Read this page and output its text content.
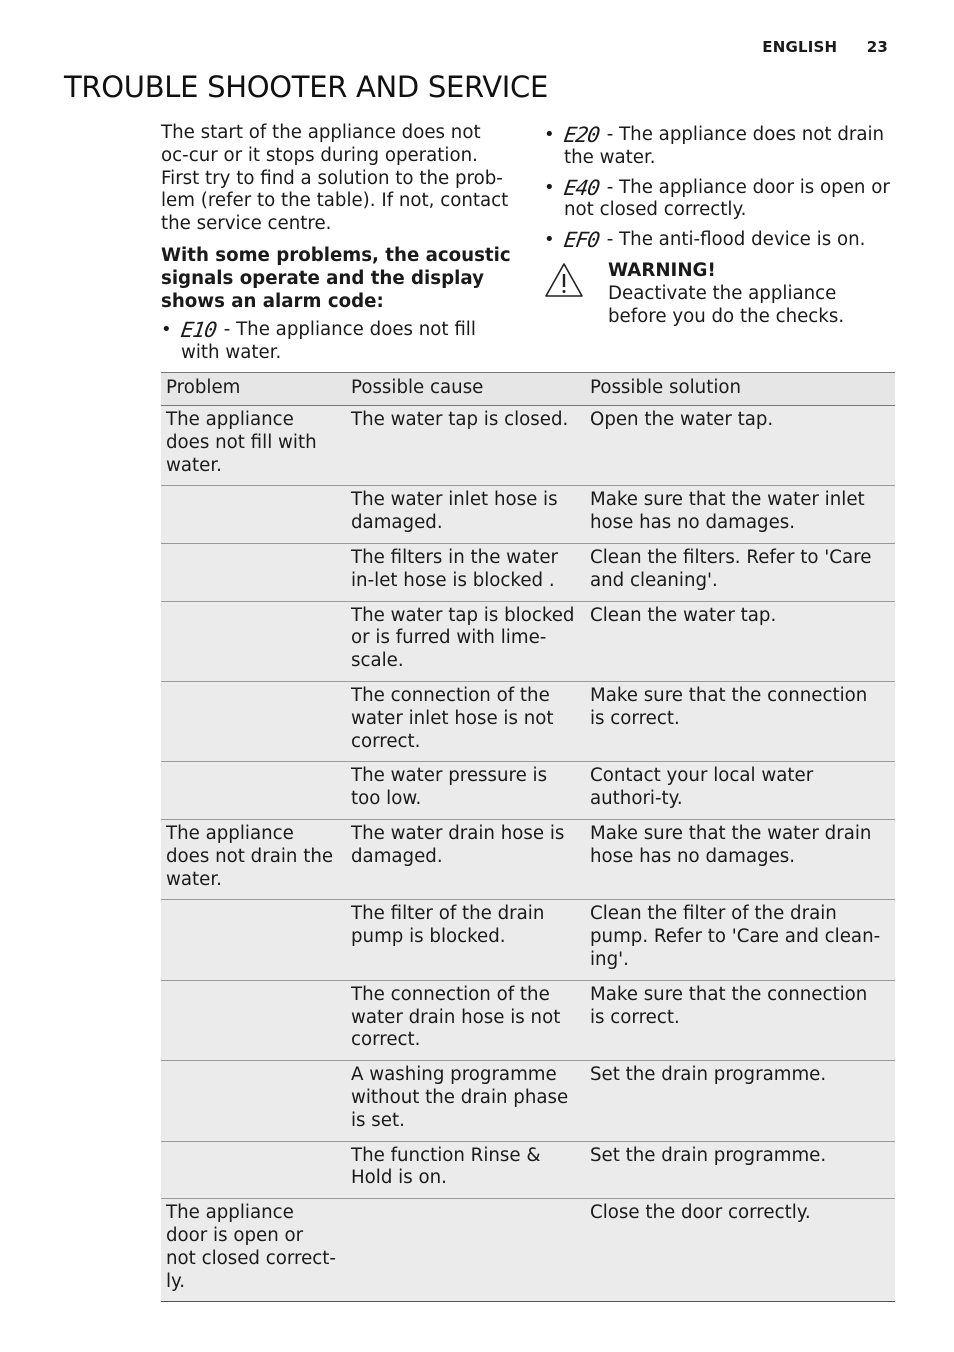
ENGLISH 23
TROUBLE SHOOTER AND SERVICE

The start of the appliance does not oc-cur or it stops during operation.
First try to find a solution to the prob-lem (refer to the table). If not, contact the service centre.

With some problems, the acoustic signals operate and the display shows an alarm code:

• E10 - The appliance does not fill with water.
• E20 - The appliance does not drain the water.
• E40 - The appliance door is open or not closed correctly.
• EF0 - The anti-flood device is on.
WARNING!
Deactivate the appliance before you do the checks.
Problem	Possible cause	Possible solution
The appliance does not fill with water.	The water tap is closed.	Open the water tap.
	The water inlet hose is damaged.	Make sure that the water inlet hose has no damages.
	The filters in the water in-let hose is blocked .	Clean the filters. Refer to 'Care and cleaning'.
	The water tap is blocked or is furred with lime-scale.	Clean the water tap.
	The connection of the water inlet hose is not correct.	Make sure that the connection is correct.
	The water pressure is too low.	Contact your local water authori-ty.
The appliance does not drain the water.	The water drain hose is damaged.	Make sure that the water drain hose has no damages.
	The filter of the drain pump is blocked.	Clean the filter of the drain pump. Refer to 'Care and clean-ing'.
	The connection of the water drain hose is not correct.	Make sure that the connection is correct.
	A washing programme without the drain phase is set.	Set the drain programme.
	The function Rinse & Hold is on.	Set the drain programme.
The appliance door is open or not closed correct-ly.		Close the door correctly.
